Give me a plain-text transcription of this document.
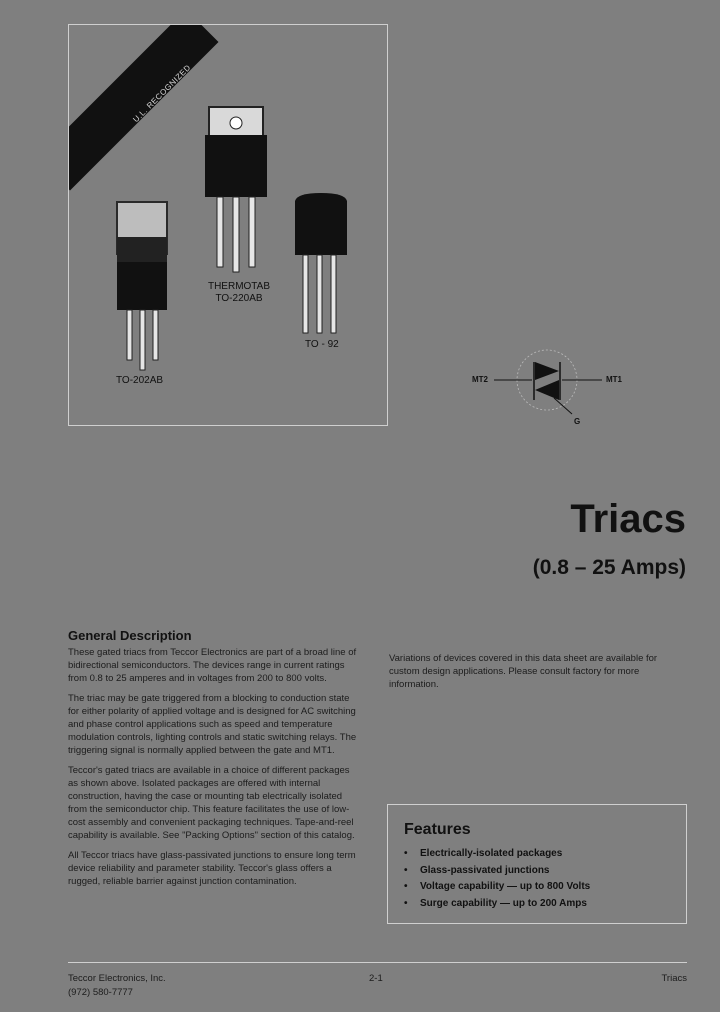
U.L. RECOGNIZED
TO-202AB
THERMOTAB
TO-220AB
TO - 92
MT2	MT1
G
Triacs
(0.8 – 25 Amps)
General Description

These gated triacs from Teccor Electronics are part of a broad line of bidirectional semiconductors. The devices range in current ratings from 0.8 to 25 amperes and in voltages from 200 to 800 volts.

The triac may be gate triggered from a blocking to conduction state for either polarity of applied voltage and is designed for AC switching and phase control applications such as speed and temperature modulation controls, lighting controls and static switching relays. The triggering signal is normally applied between the gate and MT1.

Teccor's gated triacs are available in a choice of different packages as shown above. Isolated packages are offered with internal construction, having the case or mounting tab electrically isolated from the semiconductor chip. This feature facilitates the use of low-cost assembly and convenient packaging techniques. Tape-and-reel capability is available. See "Packing Options" section of this catalog.

All Teccor triacs have glass-passivated junctions to ensure long term device reliability and parameter stability. Teccor's glass offers a rugged, reliable barrier against junction contamination.

Variations of devices covered in this data sheet are available for custom design applications. Please consult factory for more information.

Features
• Electrically-isolated packages
• Glass-passivated junctions
• Voltage capability — up to 800 Volts
• Surge capability — up to 200 Amps
Teccor Electronics, Inc.
(972) 580-7777
2-1	Triacs
